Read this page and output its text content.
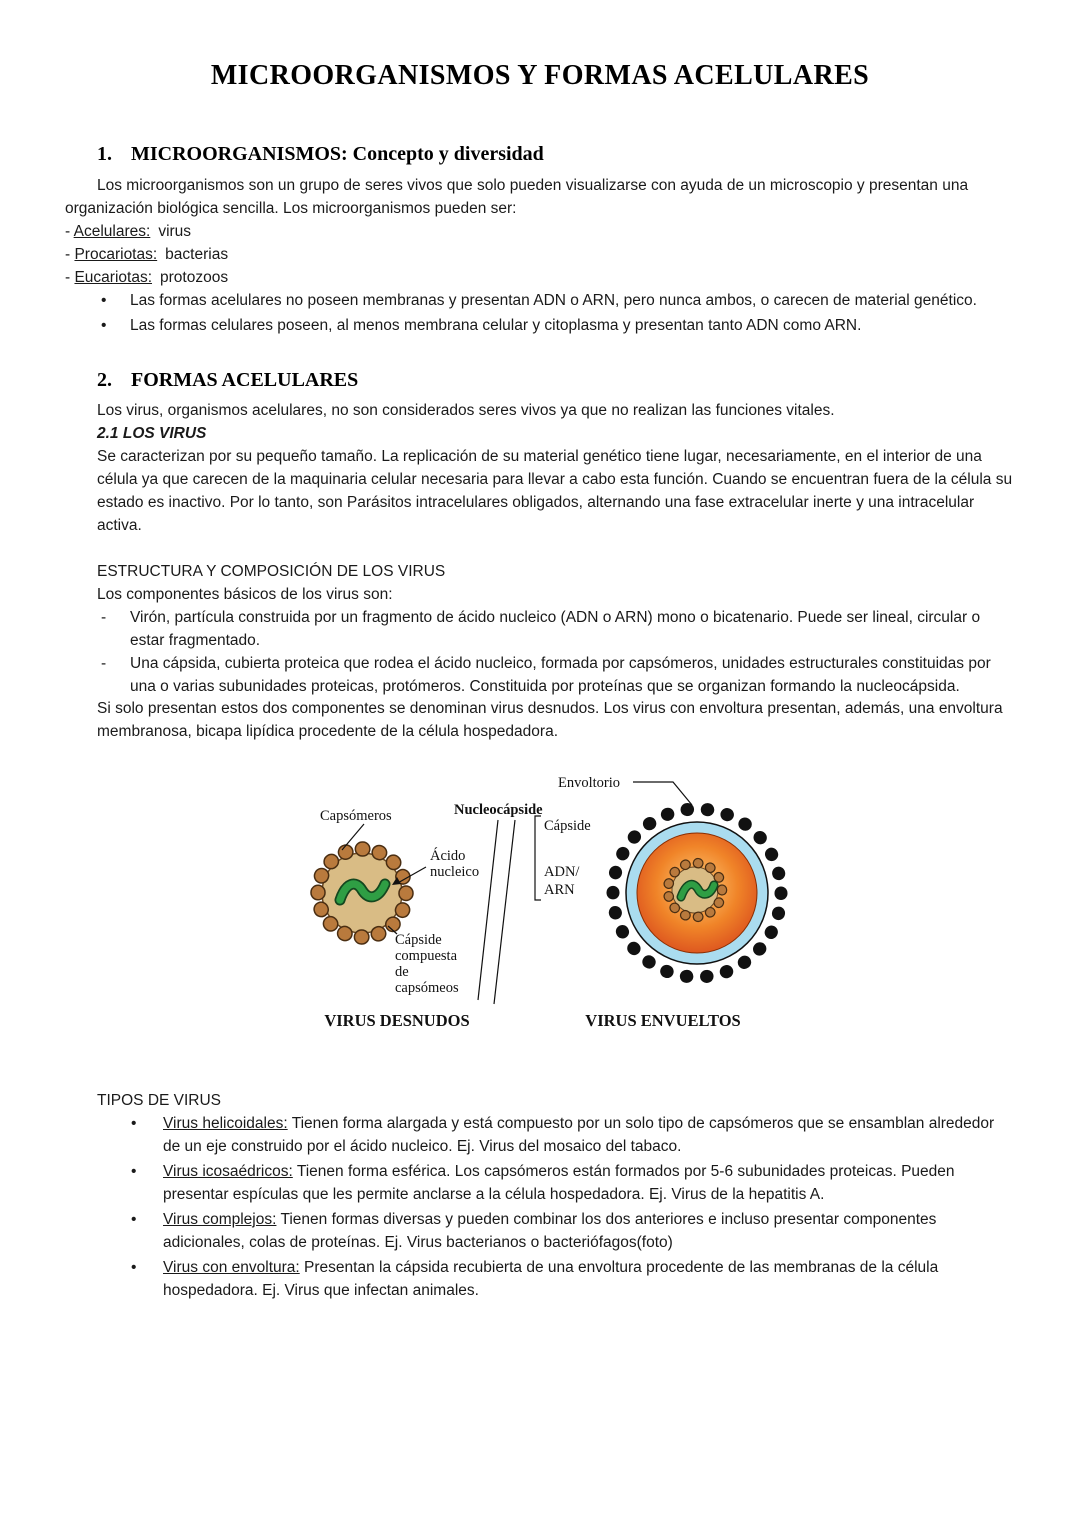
MICROORGANISMOS Y FORMAS ACELULARES
1. MICROORGANISMOS: Concepto y diversidad

Los microorganismos son un grupo de seres vivos que solo pueden visualizarse con ayuda de un microscopio y presentan una organización biológica sencilla. Los microorganismos pueden ser:

- Acelulares: virus

- Procariotas: bacterias

- Eucariotas: protozoos

• Las formas acelulares no poseen membranas y presentan ADN o ARN, pero nunca ambos, o carecen de material genético.
• Las formas celulares poseen, al menos membrana celular y citoplasma y presentan tanto ADN como ARN.
2. FORMAS ACELULARES

Los virus, organismos acelulares, no son considerados seres vivos ya que no realizan las funciones vitales.

2.1 LOS VIRUS

Se caracterizan por su pequeño tamaño. La replicación de su material genético tiene lugar, necesariamente, en el interior de una célula ya que carecen de la maquinaria celular necesaria para llevar a cabo esta función. Cuando se encuentran fuera de la célula su estado es inactivo. Por lo tanto, son Parásitos intracelulares obligados, alternando una fase extracelular inerte y una intracelular activa.

ESTRUCTURA Y COMPOSICIÓN DE LOS VIRUS

Los componentes básicos de los virus son:

- Virón, partícula construida por un fragmento de ácido nucleico (ADN o ARN) mono o bicatenario. Puede ser lineal, circular o estar fragmentado.
- Una cápsida, cubierta proteica que rodea el ácido nucleico, formada por capsómeros, unidades estructurales constituidas por una o varias subunidades proteicas, protómeros. Constituida por proteínas que se organizan formando la nucleocápsida.

Si solo presentan estos dos componentes se denominan virus desnudos. Los virus con envoltura presentan, además, una envoltura membranosa, bicapa lipídica procedente de la célula hospedadora.

Capsómeros
Ácido
nucleico
Cápside
compuesta
de
capsómeos
Nucleocápside
Envoltorio
Cápside
ADN/
ARN
VIRUS DESNUDOS	VIRUS ENVUELTOS

TIPOS DE VIRUS

• Virus helicoidales: Tienen forma alargada y está compuesto por un solo tipo de capsómeros que se ensamblan alrededor de un eje construido por el ácido nucleico. Ej. Virus del mosaico del tabaco.
• Virus icosaédricos: Tienen forma esférica. Los capsómeros están formados por 5-6 subunidades proteicas. Pueden presentar espículas que les permite anclarse a la célula hospedadora. Ej. Virus de la hepatitis A.
• Virus complejos: Tienen formas diversas y pueden combinar los dos anteriores e incluso presentar componentes adicionales, colas de proteínas. Ej. Virus bacterianos o bacteriófagos(foto)
• Virus con envoltura: Presentan la cápsida recubierta de una envoltura procedente de las membranas de la célula hospedadora. Ej. Virus que infectan animales.
